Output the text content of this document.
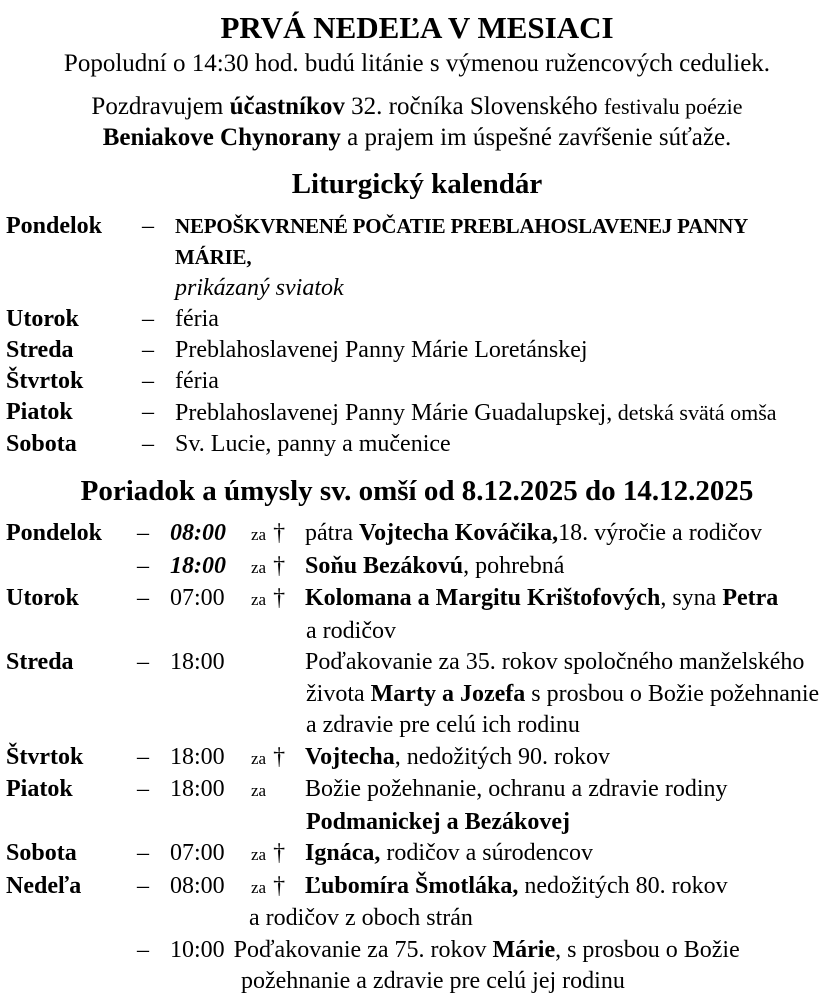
PRVÁ NEDEĽA V MESIACI
Popoludní o 14:30 hod. budú litánie s výmenou ružencových ceduliek.
Pozdravujem účastníkov 32. ročníka Slovenského festivalu poézie
Beniakove Chynorany a prajem im úspešné zavŕšenie súťaže.
Liturgický kalendár
Pondelok	–	NEPOŠKVRNENÉ POČATIE PREBLAHOSLAVENEJ PANNY MÁRIE,
prikázaný sviatok
Utorok	– féria
Streda	– Preblahoslavenej Panny Márie Loretánskej
Štvrtok	– féria
Piatok	– Preblahoslavenej Panny Márie Guadalupskej, detská svätá omša
Sobota	– Sv. Lucie, panny a mučenice
Poriadok a úmysly sv. omší od 8.12.2025 do 14.12.2025
Pondelok	– 08:00	za † pátra Vojtecha Kováčika,18. výročie a rodičov
– 18:00	za † Soňu Bezákovú, pohrebná
Utorok	– 07:00	za † Kolomana a Margitu Krištofových, syna Petra
a rodičov
Streda	– 18:00	Poďakovanie za 35. rokov spoločného manželského
života Marty a Jozefa s prosbou o Božie požehnanie
a zdravie pre celú ich rodinu
Štvrtok	– 18:00	za † Vojtecha, nedožitých 90. rokov
Piatok	– 18:00	za	Božie požehnanie, ochranu a zdravie rodiny
Podmanickej a Bezákovej
Sobota	– 07:00	za † Ignáca, rodičov a súrodencov
Nedeľa	– 08:00	za † Ľubomíra Šmotláka, nedožitých 80. rokov
a rodičov z oboch strán
– 10:00 Poďakovanie za 75. rokov Márie, s prosbou o Božie
požehnanie a zdravie pre celú jej rodinu
